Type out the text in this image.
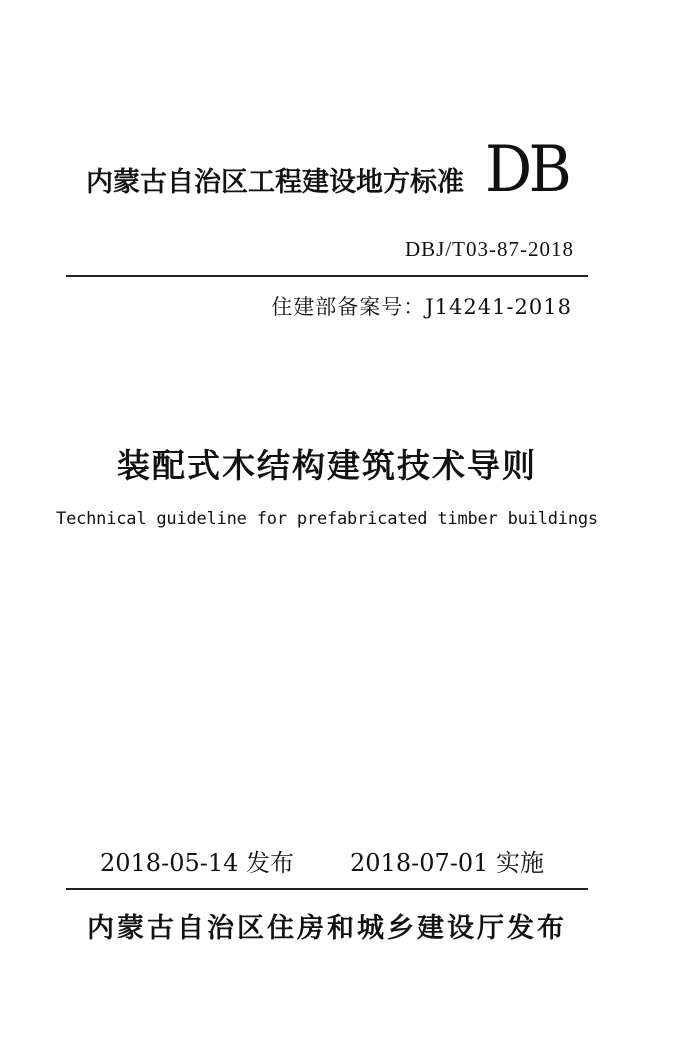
内蒙古自治区工程建设地方标准 DB
DBJ/T03-87-2018
住建部备案号：J14241-2018
装配式木结构建筑技术导则
Technical guideline for prefabricated timber buildings
2018-05-14 发布 2018-07-01 实施
内蒙古自治区住房和城乡建设厅发布
